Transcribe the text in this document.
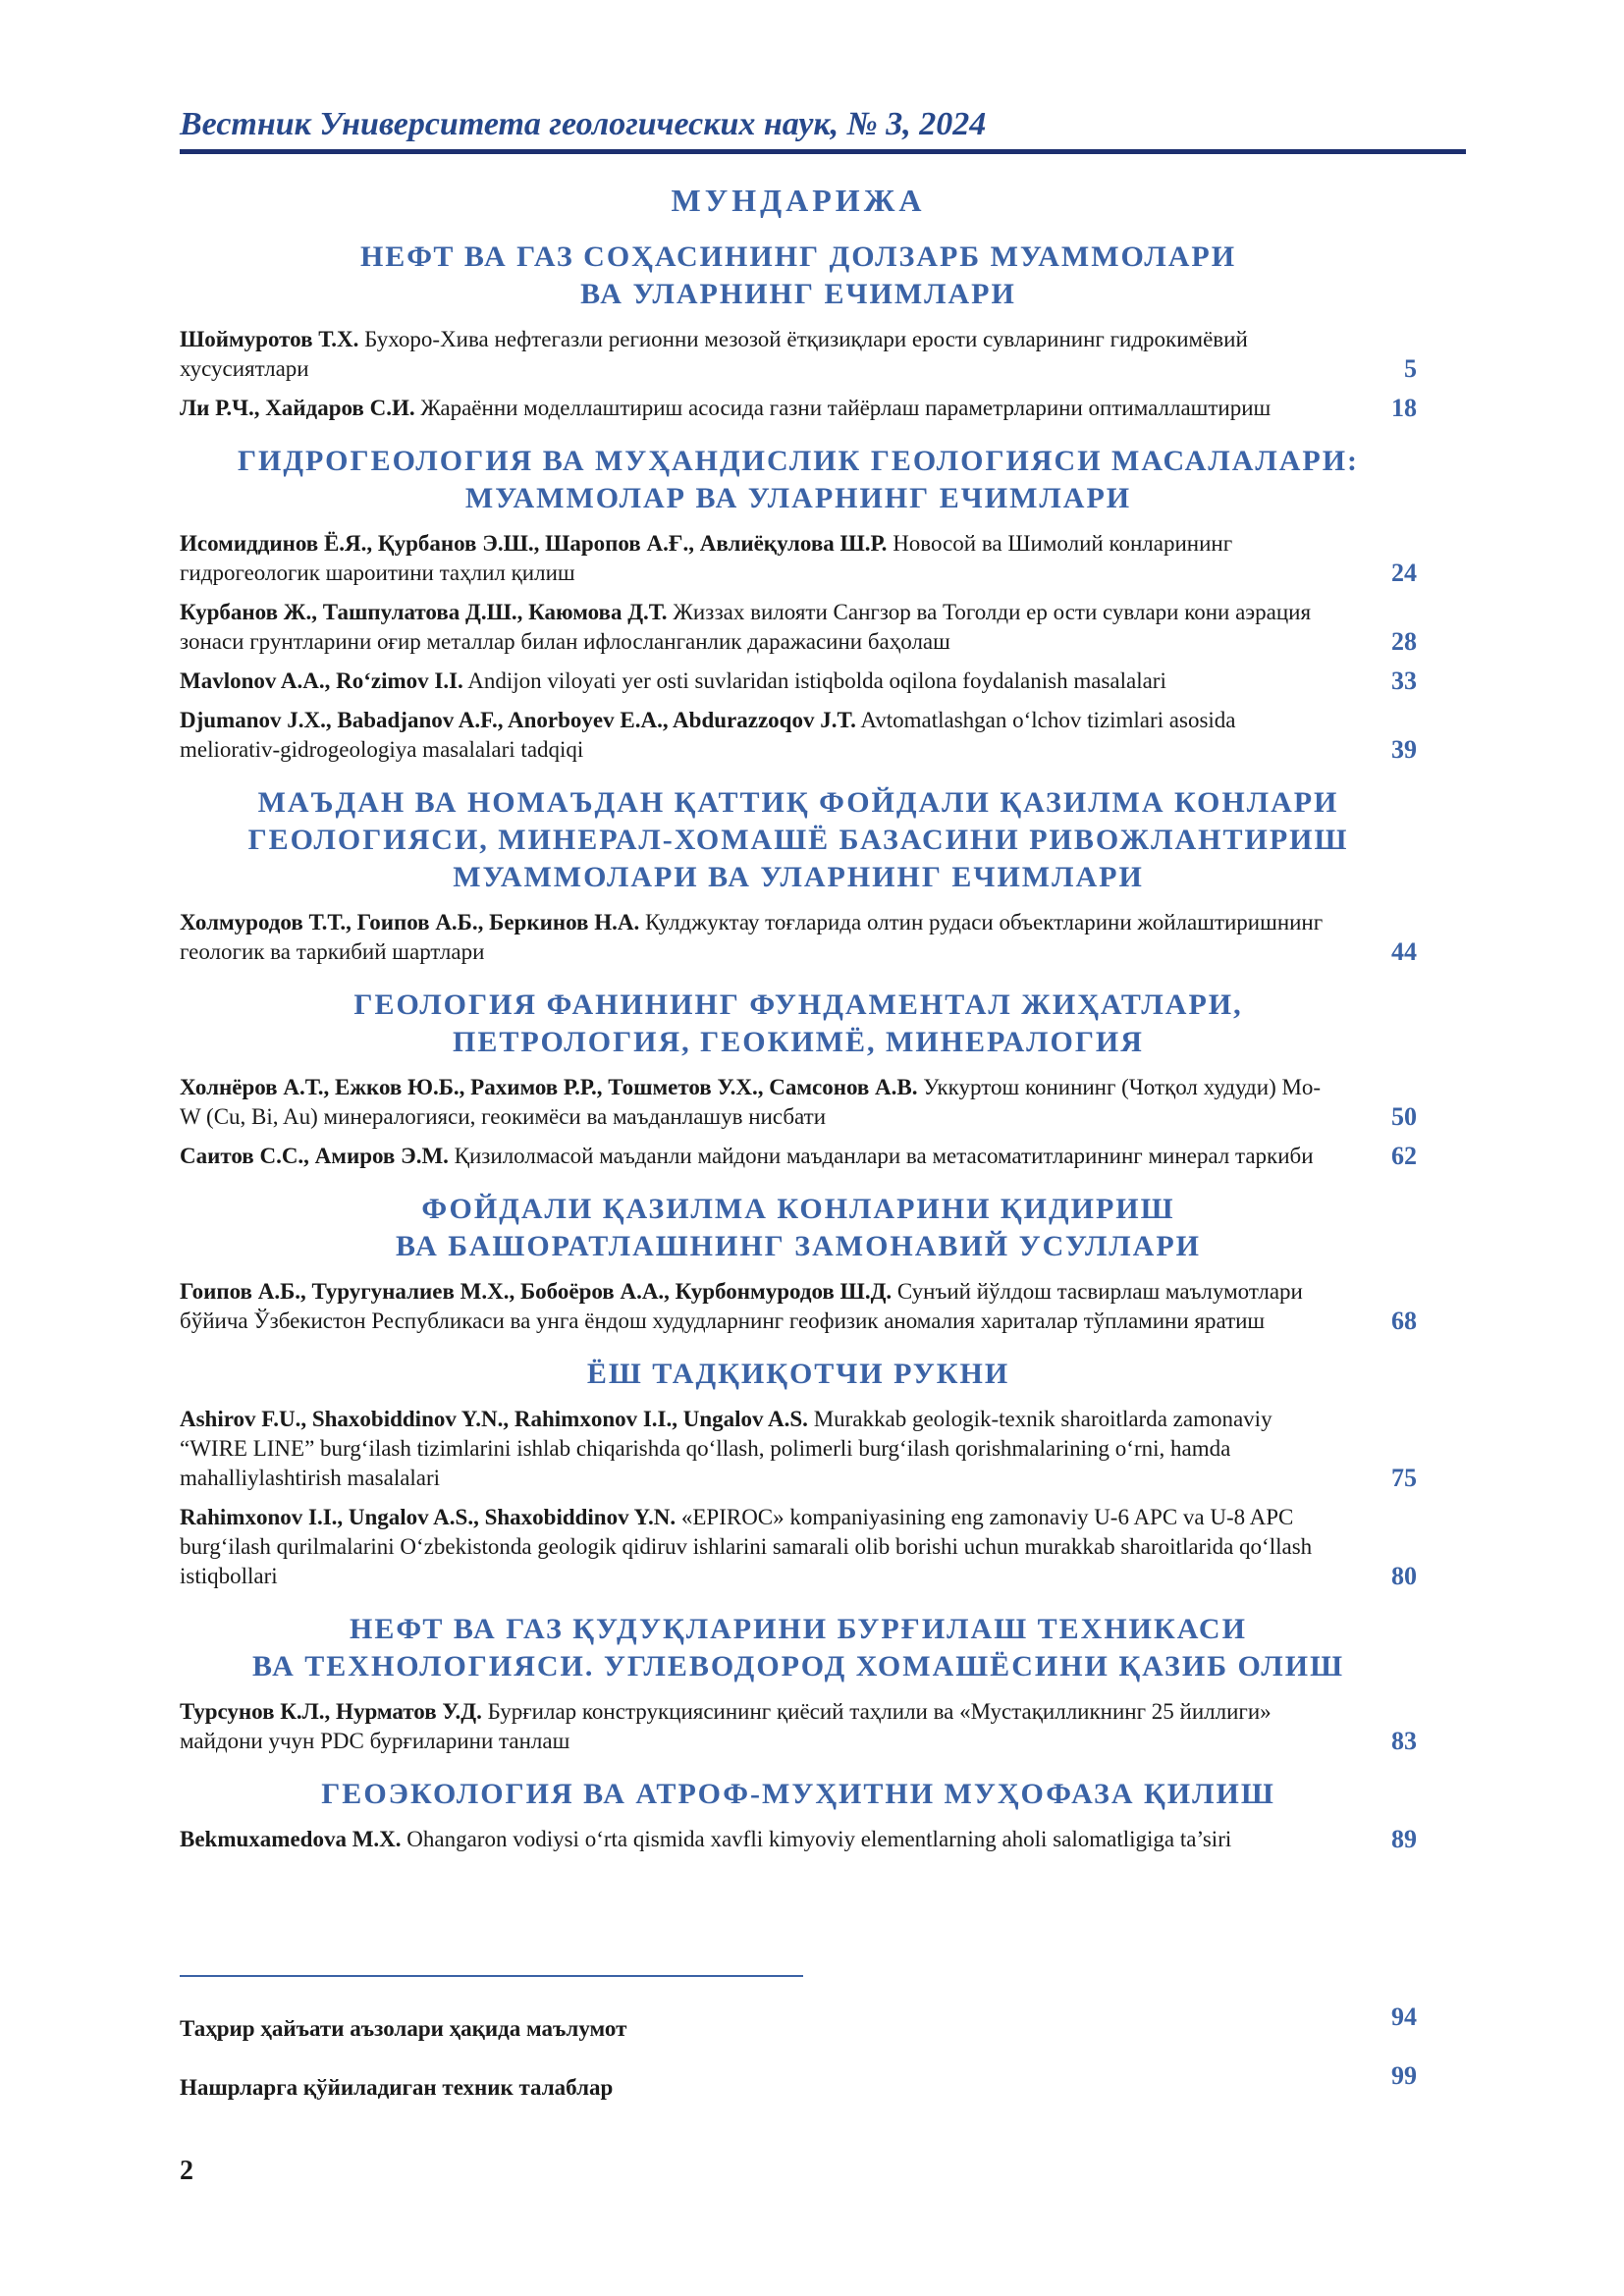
Вестник Университета геологических наук, № 3, 2024
МУНДАРИЖА
НЕФТ ВА ГАЗ СОҲАСИНИНГ ДОЛЗАРБ МУАММОЛАРИ
ВА УЛАРНИНГ ЕЧИМЛАРИ
Шоймуротов Т.Х. Бухоро-Хива нефтегазли регионни мезозой ётқизиқлари ерости сувларининг гидрокимёвий хусусиятлари	5
Ли Р.Ч., Хайдаров С.И. Жараённи моделлаштириш асосида газни тайёрлаш параметрларини оптималлаштириш	18
ГИДРОГЕОЛОГИЯ ВА МУҲАНДИСЛИК ГЕОЛОГИЯСИ МАСАЛАЛАРИ:
МУАММОЛАР ВА УЛАРНИНГ ЕЧИМЛАРИ
Исомиддинов Ё.Я., Қурбанов Э.Ш., Шаропов А.Ғ., Авлиёқулова Ш.Р. Новосой ва Шимолий конларининг гидрогеологик шароитини таҳлил қилиш	24
Курбанов Ж., Ташпулатова Д.Ш., Каюмова Д.Т. Жиззах вилояти Сангзор ва Тоголди ер ости сувлари кони аэрация зонаси грунтларини оғир металлар билан ифлосланганлик даражасини баҳолаш	28
Mavlonov A.A., Ro‘zimov I.I. Andijon viloyati yer osti suvlaridan istiqbolda oqilona foydalanish masalalari	33
Djumanov J.X., Babadjanov A.F., Anorboyev E.A., Abdurazzoqov J.T. Avtomatlashgan o‘lchov tizimlari asosida meliorativ-gidrogeologiya masalalari tadqiqi	39
МАЪДАН ВА НОМАЪДАН ҚАТТИҚ ФОЙДАЛИ ҚАЗИЛМА КОНЛАРИ
ГЕОЛОГИЯСИ, МИНЕРАЛ-ХОМАШЁ БАЗАСИНИ РИВОЖЛАНТИРИШ
МУАММОЛАРИ ВА УЛАРНИНГ ЕЧИМЛАРИ
Холмуродов Т.Т., Гоипов А.Б., Беркинов Н.А. Кулджуктау тоғларида олтин рудаси объектларини жойлаштиришнинг геологик ва таркибий шартлари	44
ГЕОЛОГИЯ ФАНИНИНГ ФУНДАМЕНТАЛ ЖИҲАТЛАРИ,
ПЕТРОЛОГИЯ, ГЕОКИМЁ, МИНЕРАЛОГИЯ
Холнёров А.Т., Ежков Ю.Б., Рахимов Р.Р., Тошметов У.Х., Самсонов А.В. Уккуртош конининг (Чотқол худуди) Mo-W (Cu, Bi, Au) минералогияси, геокимёси ва маъданлашув нисбати	50
Саитов С.С., Амиров Э.М. Қизилолмасой маъданли майдони маъданлари ва метасоматитларининг минерал таркиби	62
ФОЙДАЛИ ҚАЗИЛМА КОНЛАРИНИ ҚИДИРИШ
ВА БАШОРАТЛАШНИНГ ЗАМОНАВИЙ УСУЛЛАРИ
Гоипов А.Б., Туругуналиев М.Х., Бобоёров А.А., Курбонмуродов Ш.Д. Сунъий йўлдош тасвирлаш маълумотлари бўйича Ўзбекистон Республикаси ва унга ёндош худудларнинг геофизик аномалия хариталар тўпламини яратиш	68
ЁШ ТАДҚИҚОТЧИ РУКНИ
Ashirov F.U., Shaxobiddinov Y.N., Rahimxonov I.I., Ungalov A.S. Murakkab geologik-texnik sharoitlarda zamonaviy “WIRE LINE” burg‘ilash tizimlarini ishlab chiqarishda qo‘llash, polimerli burg‘ilash qorishmalarining o‘rni, hamda mahalliylashtirish masalalari	75
Rahimxonov I.I., Ungalov A.S., Shaxobiddinov Y.N. «EPIROC» kompaniyasining eng zamonaviy U-6 APC va U-8 APC burg‘ilash qurilmalarini O‘zbekistonda geologik qidiruv ishlarini samarali olib borishi uchun murakkab sharoitlarida qo‘llash istiqbollari	80
НЕФТ ВА ГАЗ ҚУДУҚЛАРИНИ БУРҒИЛАШ ТЕХНИКАСИ
ВА ТЕХНОЛОГИЯСИ. УГЛЕВОДОРОД ХОМАШЁСИНИ ҚАЗИБ ОЛИШ
Турсунов К.Л., Нурматов У.Д. Бурғилар конструкциясининг қиёсий таҳлили ва «Мустақилликнинг 25 йиллиги» майдони учун PDC бурғиларини танлаш	83
ГЕОЭКОЛОГИЯ ВА АТРОФ-МУҲИТНИ МУҲОФАЗА ҚИЛИШ
Bekmuxamedova M.X. Ohangaron vodiysi o‘rta qismida xavfli kimyoviy elementlarning aholi salomatligiga ta’siri	89
Таҳрир ҳайъати аъзолари ҳақида маълумот	94
Нашрларга қўйиладиган техник талаблар	99
2
